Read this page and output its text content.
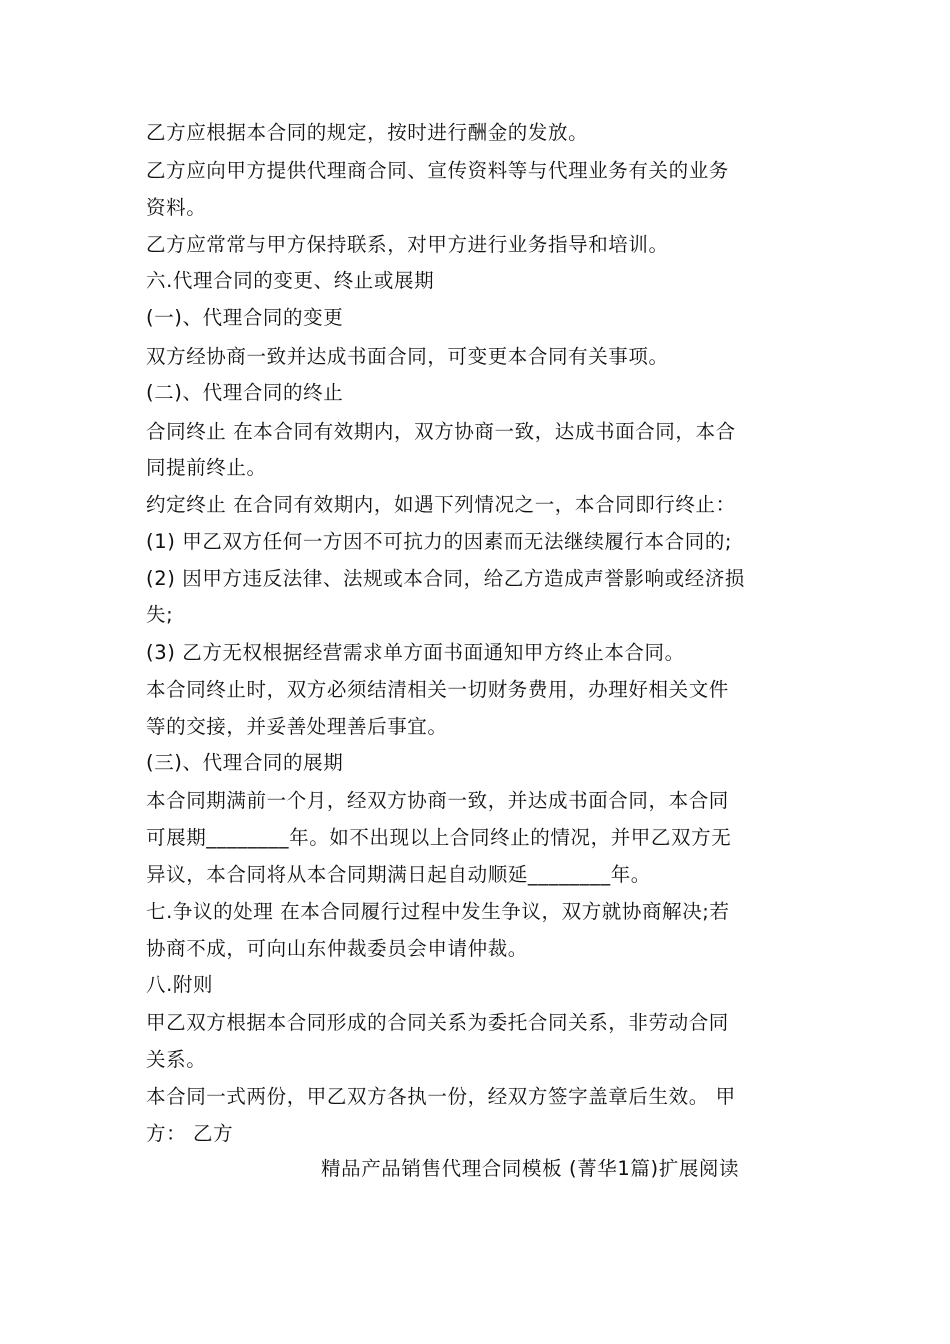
乙方应根据本合同的规定，按时进行酬金的发放。
乙方应向甲方提供代理商合同、宣传资料等与代理业务有关的业务
资料。
乙方应常常与甲方保持联系，对甲方进行业务指导和培训。
六.代理合同的变更、终止或展期
(一)、代理合同的变更
双方经协商一致并达成书面合同，可变更本合同有关事项。
(二)、代理合同的终止
合同终止 在本合同有效期内，双方协商一致，达成书面合同，本合
同提前终止。
约定终止 在合同有效期内，如遇下列情况之一，本合同即行终止：
(1) 甲乙双方任何一方因不可抗力的因素而无法继续履行本合同的;
(2) 因甲方违反法律、法规或本合同，给乙方造成声誉影响或经济损
失;
(3) 乙方无权根据经营需求单方面书面通知甲方终止本合同。
本合同终止时，双方必须结清相关一切财务费用，办理好相关文件
等的交接，并妥善处理善后事宜。
(三)、代理合同的展期
本合同期满前一个月，经双方协商一致，并达成书面合同，本合同
可展期________年。如不出现以上合同终止的情况，并甲乙双方无
异议，本合同将从本合同期满日起自动顺延________年。
七.争议的处理 在本合同履行过程中发生争议，双方就协商解决;若
协商不成，可向山东仲裁委员会申请仲裁。
八.附则
甲乙双方根据本合同形成的合同关系为委托合同关系，非劳动合同
关系。
本合同一式两份，甲乙双方各执一份，经双方签字盖章后生效。 甲
方： 乙方
精品产品销售代理合同模板 (菁华1篇)扩展阅读
